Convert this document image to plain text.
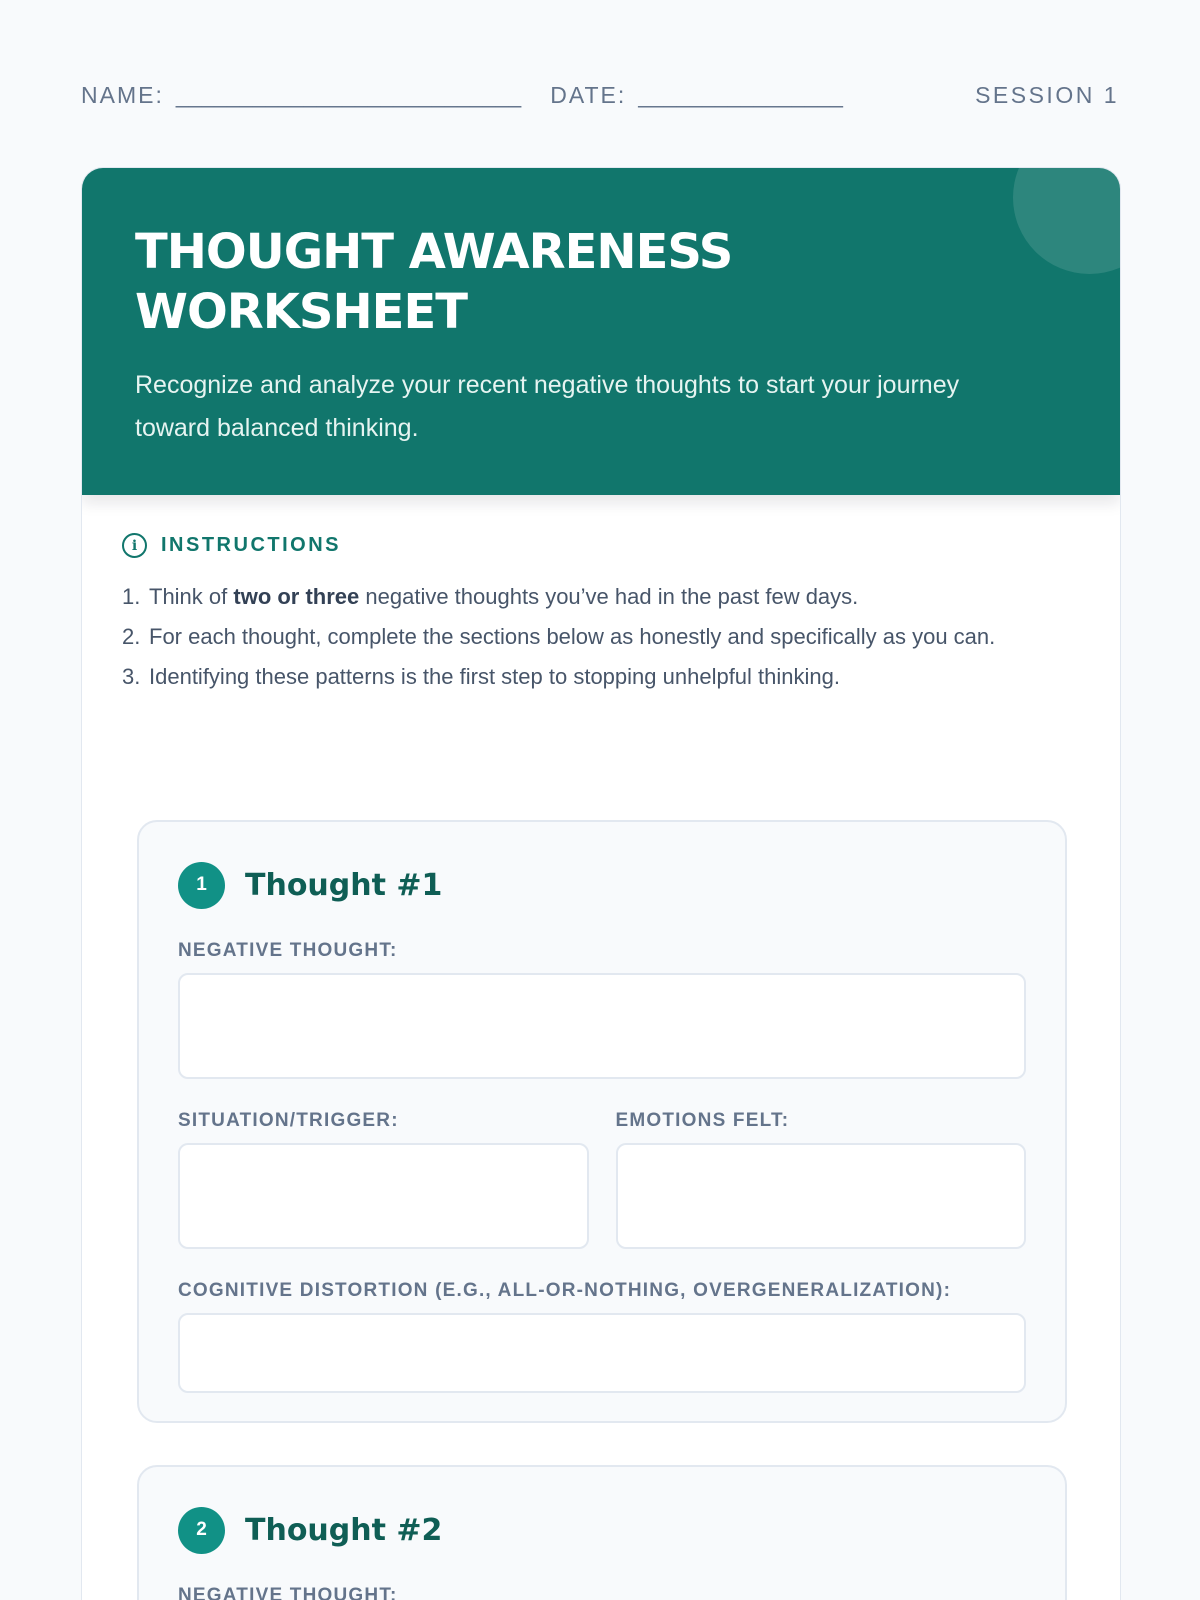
NAME: ___________________________ DATE: ________________	SESSION 1
THOUGHT AWARENESS WORKSHEET

Recognize and analyze your recent negative thoughts to start your journey toward balanced thinking.

i	INSTRUCTIONS
1. Think of two or three negative thoughts you’ve had in the past few days.
2. For each thought, complete the sections below as honestly and specifically as you can.
3. Identifying these patterns is the first step to stopping unhelpful thinking.
1	Thought #1
NEGATIVE THOUGHT:
SITUATION/TRIGGER:	EMOTIONS FELT:
COGNITIVE DISTORTION (E.G., ALL-OR-NOTHING, OVERGENERALIZATION):
2	Thought #2
NEGATIVE THOUGHT:
